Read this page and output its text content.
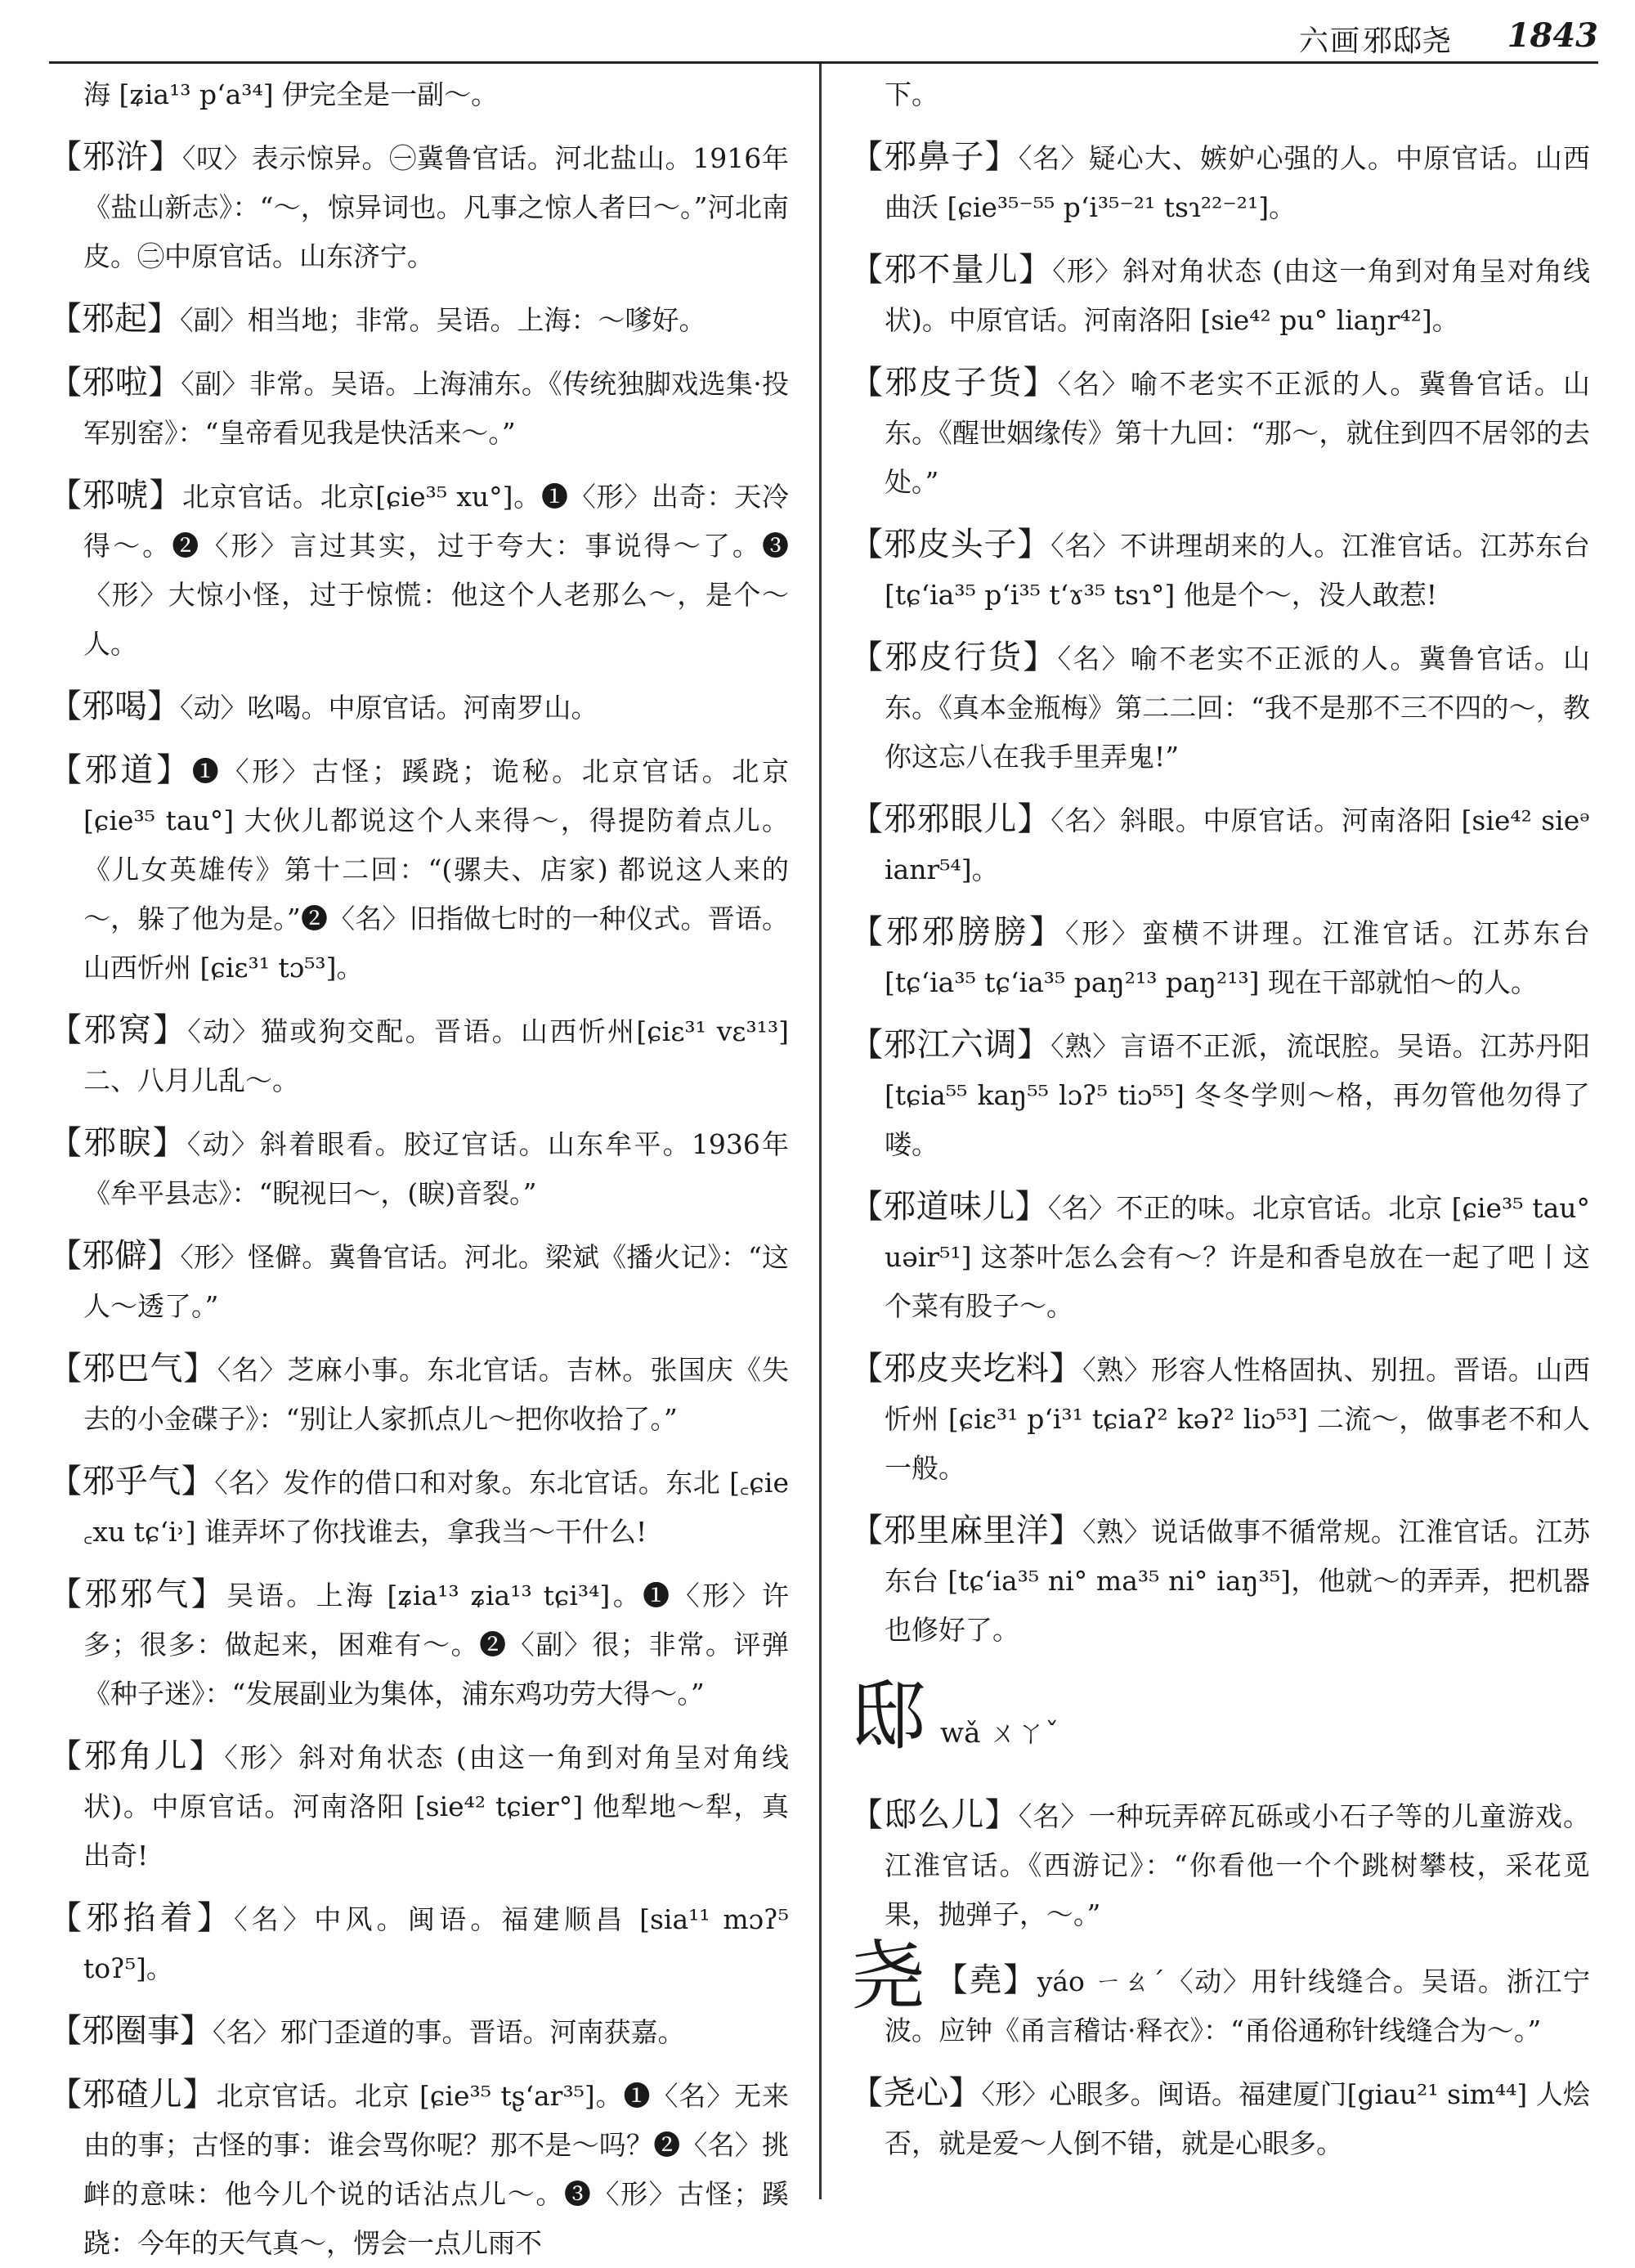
六画 邪邸尧 1843

海 [ʑia¹³ p‘a³⁴] 伊完全是一副～。

【邪浒】〈叹〉表示惊异。㊀冀鲁官话。河北盐山。1916年《盐山新志》：“～，惊异词也。凡事之惊人者曰～。”河北南皮。㊁中原官话。山东济宁。

【邪起】〈副〉相当地；非常。吴语。上海：～嗲好。

【邪啦】〈副〉非常。吴语。上海浦东。《传统独脚戏选集·投军别窑》：“皇帝看见我是快活来～。”

【邪唬】北京官话。北京[ɕie³⁵ xu°]。❶〈形〉出奇：天冷得～。❷〈形〉言过其实，过于夸大：事说得～了。❸〈形〉大惊小怪，过于惊慌：他这个人老那么～，是个～人。

【邪喝】〈动〉吆喝。中原官话。河南罗山。

【邪道】❶〈形〉古怪；蹊跷；诡秘。北京官话。北京[ɕie³⁵ tau°] 大伙儿都说这个人来得～，得提防着点儿。《儿女英雄传》第十二回：“(骡夫、店家) 都说这人来的～，躲了他为是。”❷〈名〉旧指做七时的一种仪式。晋语。山西忻州 [ɕiɛ³¹ tɔ⁵³]。

【邪窝】〈动〉猫或狗交配。晋语。山西忻州[ɕiɛ³¹ vɛ³¹³] 二、八月儿乱～。

【邪睙】〈动〉斜着眼看。胶辽官话。山东牟平。1936年《牟平县志》：“睨视曰～，(睙)音裂。”

【邪僻】〈形〉怪僻。冀鲁官话。河北。梁斌《播火记》：“这人～透了。”

【邪巴气】〈名〉芝麻小事。东北官话。吉林。张国庆《失去的小金碟子》：“别让人家抓点儿～把你收拾了。”

【邪乎气】〈名〉发作的借口和对象。东北官话。东北 [꜀ɕie ꜀xu tɕ‘i˒] 谁弄坏了你找谁去，拿我当～干什么!

【邪邪气】吴语。上海 [ʑia¹³ ʑia¹³ tɕi³⁴]。❶〈形〉许多；很多：做起来，困难有～。❷〈副〉很；非常。评弹《种子迷》：“发展副业为集体，浦东鸡功劳大得～。”

【邪角儿】〈形〉斜对角状态 (由这一角到对角呈对角线状)。中原官话。河南洛阳 [sie⁴² tɕier°] 他犁地～犁，真出奇!

【邪掐着】〈名〉中风。闽语。福建顺昌 [sia¹¹ mɔʔ⁵ toʔ⁵]。

【邪圈事】〈名〉邪门歪道的事。晋语。河南获嘉。

【邪碴儿】北京官话。北京 [ɕie³⁵ tʂ‘ar³⁵]。❶〈名〉无来由的事；古怪的事：谁会骂你呢？那不是～吗？❷〈名〉挑衅的意味：他今儿个说的话沾点儿～。❸〈形〉古怪；蹊跷：今年的天气真～，愣会一点儿雨不

下。

【邪鼻子】〈名〉疑心大、嫉妒心强的人。中原官话。山西曲沃 [ɕie³⁵⁻⁵⁵ p‘i³⁵⁻²¹ tsɿ²²⁻²¹]。

【邪不量儿】〈形〉斜对角状态 (由这一角到对角呈对角线状)。中原官话。河南洛阳 [sie⁴² pu° liaŋr⁴²]。

【邪皮子货】〈名〉喻不老实不正派的人。冀鲁官话。山东。《醒世姻缘传》第十九回：“那～，就住到四不居邻的去处。”

【邪皮头子】〈名〉不讲理胡来的人。江淮官话。江苏东台 [tɕ‘ia³⁵ p‘i³⁵ t‘ɤ³⁵ tsɿ°] 他是个～，没人敢惹!

【邪皮行货】〈名〉喻不老实不正派的人。冀鲁官话。山东。《真本金瓶梅》第二二回：“我不是那不三不四的～，教你这忘八在我手里弄鬼!”

【邪邪眼儿】〈名〉斜眼。中原官话。河南洛阳 [sie⁴² sieᵊ ianr⁵⁴]。

【邪邪膀膀】〈形〉蛮横不讲理。江淮官话。江苏东台 [tɕ‘ia³⁵ tɕ‘ia³⁵ paŋ²¹³ paŋ²¹³] 现在干部就怕～的人。

【邪江六调】〈熟〉言语不正派，流氓腔。吴语。江苏丹阳 [tɕia⁵⁵ kaŋ⁵⁵ lɔʔ⁵ tiɔ⁵⁵] 冬冬学则～格，再勿管他勿得了喽。

【邪道味儿】〈名〉不正的味。北京官话。北京 [ɕie³⁵ tau° uəir⁵¹] 这茶叶怎么会有～？许是和香皂放在一起了吧丨这个菜有股子～。

【邪皮夹圪料】〈熟〉形容人性格固执、别扭。晋语。山西忻州 [ɕiɛ³¹ p‘i³¹ tɕiaʔ² kəʔ² liɔ⁵³] 二流～，做事老不和人一般。

【邪里麻里洋】〈熟〉说话做事不循常规。江淮官话。江苏东台 [tɕ‘ia³⁵ ni° ma³⁵ ni° iaŋ³⁵]，他就～的弄弄，把机器也修好了。

邸wǎ ㄨㄚˇ

【邸么儿】〈名〉一种玩弄碎瓦砾或小石子等的儿童游戏。江淮官话。《西游记》：“你看他一个个跳树攀枝，采花觅果，抛弹子，～。”

尧 【堯】yáo ㄧㄠˊ〈动〉用针线缝合。吴语。浙江宁波。应钟《甬言稽诂·释衣》：“甬俗通称针线缝合为～。”

【尧心】〈形〉心眼多。闽语。福建厦门[giau²¹ sim⁴⁴] 人烩否，就是爱～人倒不错，就是心眼多。
